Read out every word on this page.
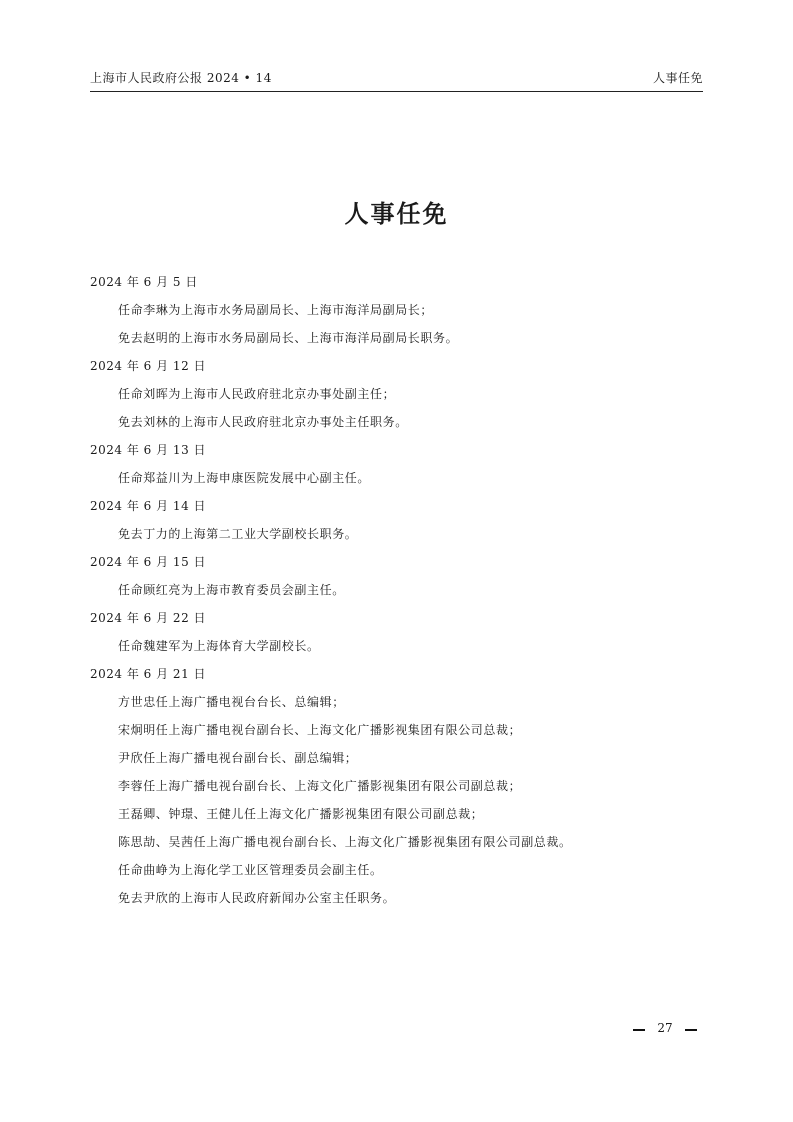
上海市人民政府公报 2024 • 14	人事任免
人事任免
2024 年 6 月 5 日
任命李琳为上海市水务局副局长、上海市海洋局副局长；
免去赵明的上海市水务局副局长、上海市海洋局副局长职务。
2024 年 6 月 12 日
任命刘晖为上海市人民政府驻北京办事处副主任；
免去刘林的上海市人民政府驻北京办事处主任职务。
2024 年 6 月 13 日
任命郑益川为上海申康医院发展中心副主任。
2024 年 6 月 14 日
免去丁力的上海第二工业大学副校长职务。
2024 年 6 月 15 日
任命顾红亮为上海市教育委员会副主任。
2024 年 6 月 22 日
任命魏建军为上海体育大学副校长。
2024 年 6 月 21 日
方世忠任上海广播电视台台长、总编辑；
宋炯明任上海广播电视台副台长、上海文化广播影视集团有限公司总裁；
尹欣任上海广播电视台副台长、副总编辑；
李蓉任上海广播电视台副台长、上海文化广播影视集团有限公司副总裁；
王磊卿、钟璟、王健儿任上海文化广播影视集团有限公司副总裁；
陈思劼、吴茜任上海广播电视台副台长、上海文化广播影视集团有限公司副总裁。
任命曲峥为上海化学工业区管理委员会副主任。
免去尹欣的上海市人民政府新闻办公室主任职务。
27
